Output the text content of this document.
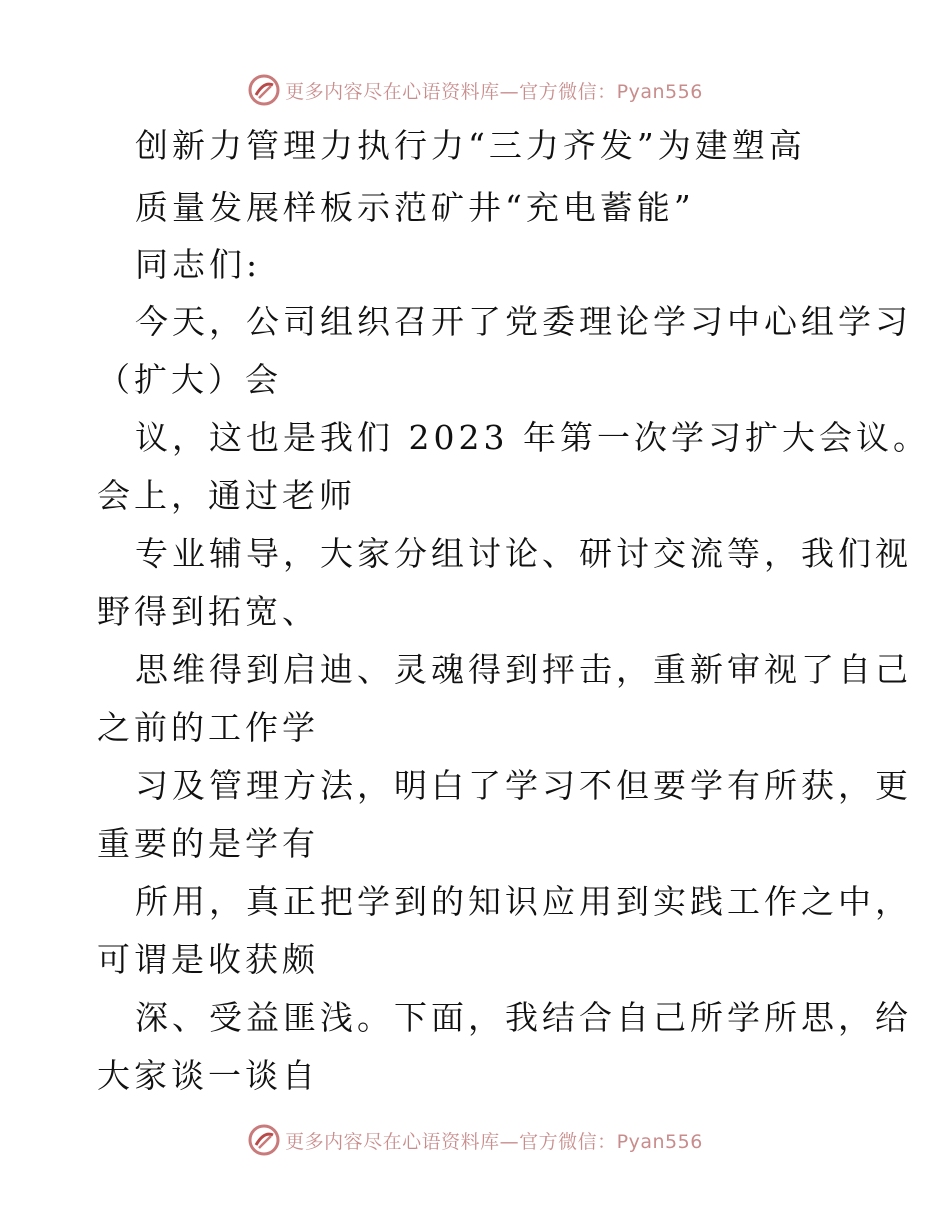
更多内容尽在心语资料库—官方微信：Pyan556
创新力管理力执行力“三力齐发”为建塑高
质量发展样板示范矿井“充电蓄能”
同志们:
今天，公司组织召开了党委理论学习中心组学习
（扩大）会
议，这也是我们 2023 年第一次学习扩大会议。
会上，通过老师
专业辅导，大家分组讨论、研讨交流等，我们视
野得到拓宽、
思维得到启迪、灵魂得到抨击，重新审视了自己
之前的工作学
习及管理方法，明白了学习不但要学有所获，更
重要的是学有
所用，真正把学到的知识应用到实践工作之中，
可谓是收获颇
深、受益匪浅。下面，我结合自己所学所思，给
大家谈一谈自
更多内容尽在心语资料库—官方微信：Pyan556
